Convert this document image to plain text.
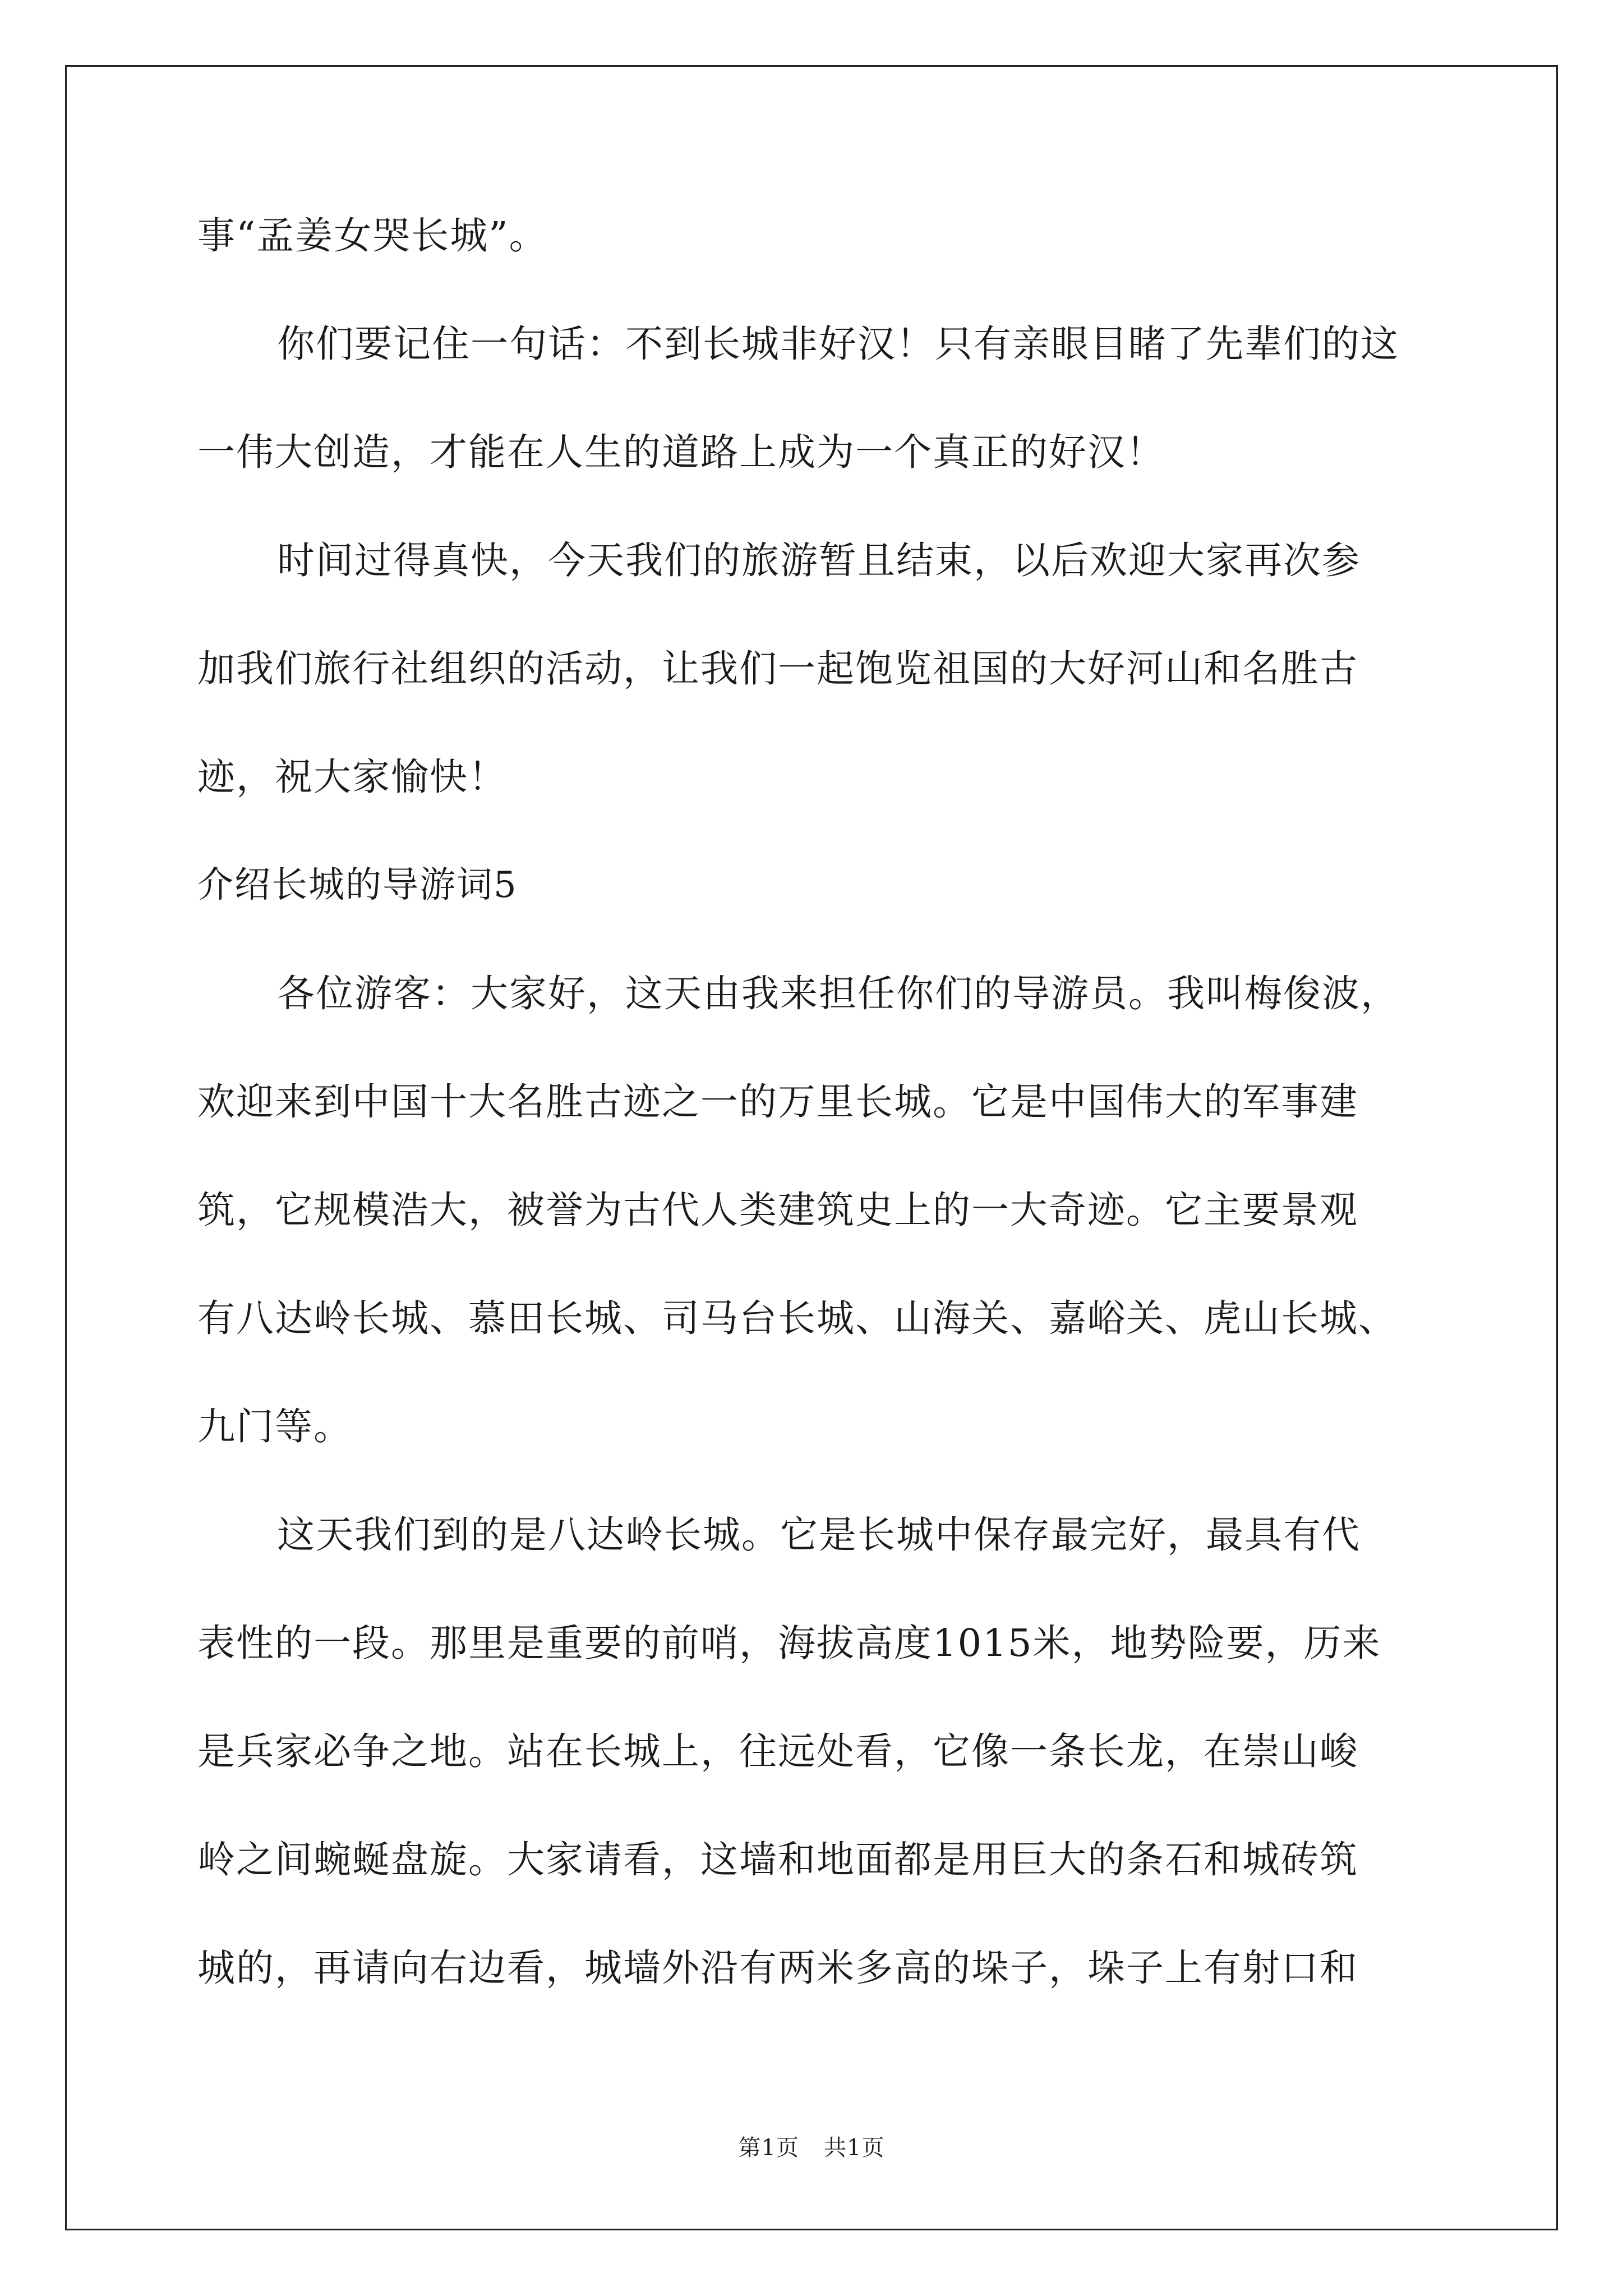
事“孟姜女哭长城”。
你们要记住一句话：不到长城非好汉！只有亲眼目睹了先辈们的这
一伟大创造，才能在人生的道路上成为一个真正的好汉！
时间过得真快，今天我们的旅游暂且结束，以后欢迎大家再次参
加我们旅行社组织的活动，让我们一起饱览祖国的大好河山和名胜古
迹，祝大家愉快！
介绍长城的导游词5
各位游客：大家好，这天由我来担任你们的导游员。我叫梅俊波，
欢迎来到中国十大名胜古迹之一的万里长城。它是中国伟大的军事建
筑，它规模浩大，被誉为古代人类建筑史上的一大奇迹。它主要景观
有八达岭长城、慕田长城、司马台长城、山海关、嘉峪关、虎山长城、
九门等。
这天我们到的是八达岭长城。它是长城中保存最完好，最具有代
表性的一段。那里是重要的前哨，海拔高度1015米，地势险要，历来
是兵家必争之地。站在长城上，往远处看，它像一条长龙，在崇山峻
岭之间蜿蜒盘旋。大家请看，这墙和地面都是用巨大的条石和城砖筑
城的，再请向右边看，城墙外沿有两米多高的垛子，垛子上有射口和
第1页 共1页
